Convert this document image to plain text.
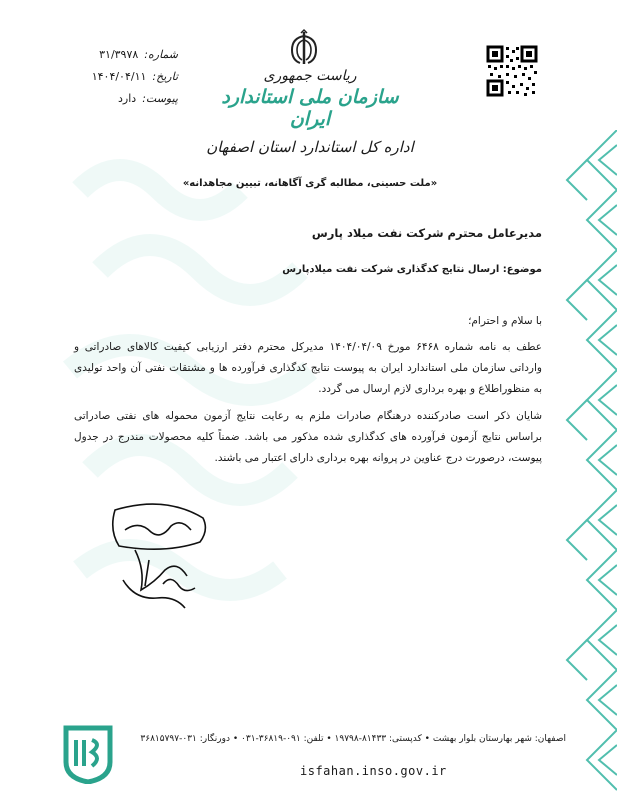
شماره:
۳۱/۳۹۷۸
تاریخ:
۱۴۰۴/۰۴/۱۱
پیوست:
دارد
ریاست جمهوری
سازمان ملی استاندارد ایران
اداره کل استاندارد استان اصفهان
«ملت حسینی، مطالبه گری آگاهانه، تبیین مجاهدانه»
مدیرعامل محترم شرکت نفت میلاد پارس
موضوع: ارسال نتایج کدگذاری شرکت نفت میلادپارس
با سلام و احترام؛
عطف به نامه شماره ۶۴۶۸ مورخ ۱۴۰۴/۰۴/۰۹ مدیرکل محترم دفتر ارزیابی کیفیت کالاهای صادراتی و وارداتی سازمان ملی استاندارد ایران به پیوست نتایج کدگذاری فرآورده ها و مشتقات نفتی آن واحد تولیدی به منظوراطلاع و بهره برداری لازم ارسال می گردد.
شایان ذکر است صادرکننده درهنگام صادرات ملزم به رعایت نتایج آزمون محموله های نفتی صادراتی براساس نتایج آزمون فرآورده های کدگذاری شده مذکور می باشد. ضمناً کلیه محصولات مندرج در جدول پیوست، درصورت درج عناوین در پروانه بهره برداری دارای اعتبار می باشند.
اصفهان: شهر بهارستان بلوار بهشت • کدپستی: ۸۱۴۳۳-۱۹۷۹۸ • تلفن: ۰۹۱-۳۶۸۱۹-۰۳۱ • دورنگار: ۰۳۱-۳۶۸۱۵۷۹۷
isfahan.inso.gov.ir
